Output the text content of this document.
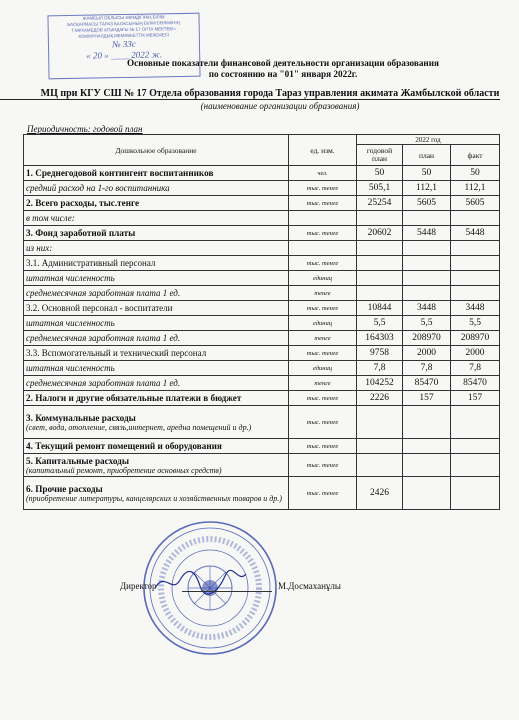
ЖАМБЫЛ ОБЛЫСЫ ӘКІМДІГІНІҢ БІЛІМ
БАСҚАРМАСЫ ТАРАЗ ҚАЛАСЫНЫҢ БІЛІМ БӨЛІМІНІҢ
Т.МҰХАМЕДОВ АТЫНДАҒЫ № 17 ОРТА МЕКТЕБІ»
КОММУНАЛДЫҚ МЕМЛЕКЕТТІК МЕКЕМЕСІ
№ 33с
« 20 » ____ 2022 ж.
Основные показатели финансовой деятельности организации образования
по состоянию на "01" января 2022г.
МЦ при КГУ СШ № 17 Отдела образования города Тараз управления акимата Жамбылской области
(наименование организации образования)
Периодичность: годовой план
Дошкольное образование	ед. изм.	2022 год		
		годовой план	план	факт
1. Среднегодовой контингент воспитанников	чел.	50	50	50
средний расход на 1-го воспитанника	тыс. тенге	505,1	112,1	112,1
2. Всего расходы, тыс.тенге	тыс. тенге	25254	5605	5605
в том числе:				
3. Фонд заработной платы	тыс. тенге	20602	5448	5448
из них:				
3.1. Административный персонал	тыс. тенге			
штатная численность	единиц			
среднемесячная заработная плата 1 ед.	тенге			
3.2. Основной персонал - воспитатели	тыс. тенге	10844	3448	3448
штатная численность	единиц	5,5	5,5	5,5
среднемесячная заработная плата 1 ед.	тенге	164303	208970	208970
3.3. Вспомогательный и технический персонал	тыс. тенге	9758	2000	2000
штатная численность	единиц	7,8	7,8	7,8
среднемесячная заработная плата 1 ед.	тенге	104252	85470	85470
2. Налоги и другие обязательные платежи в бюджет	тыс. тенге	2226	157	157
3. Коммунальные расходы
(свет, вода, отопление, связь,интернет, аредна помещений и др.)	тыс. тенге			
4. Текущий ремонт помещений и оборудования	тыс. тенге			
5. Капитальные расходы
(капитальный ремонт, приобретение основных средств)	тыс. тенге			
6. Прочие расходы
(приобретение литературы, канцелярских и хозяйственных товаров и др.)	тыс. тенге	2426		
Директор	М.Досмаханұлы
